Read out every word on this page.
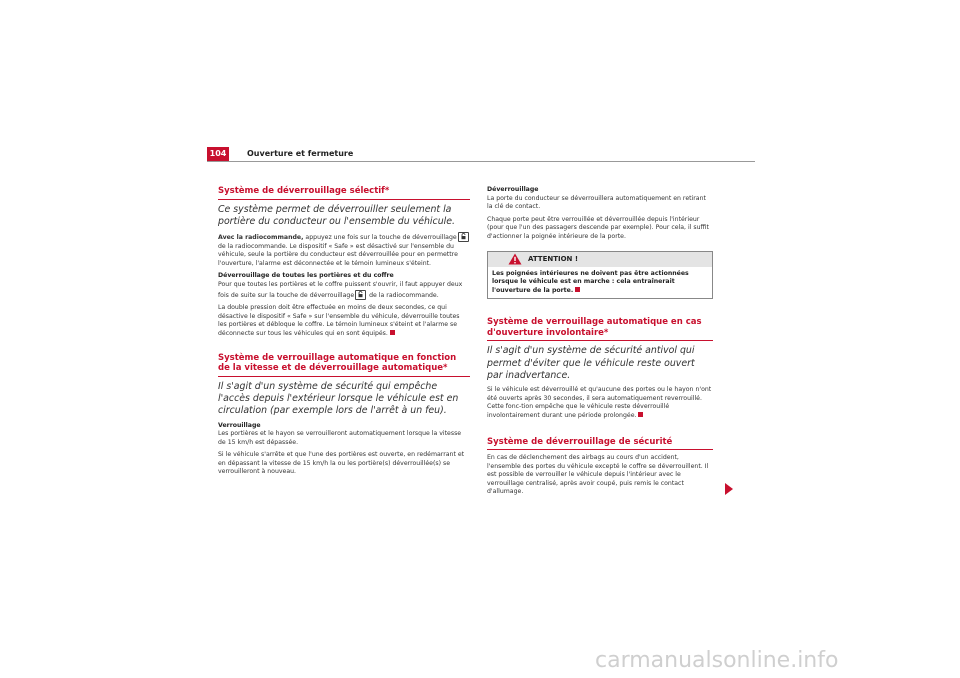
104	Ouverture et fermeture
Système de déverrouillage sélectif*

Ce système permet de déverrouiller seulement la portière du conducteur ou l'ensemble du véhicule.

Avec la radiocommande, appuyez une fois sur la touche de déverrouillage
de la radiocommande. Le dispositif « Safe » est désactivé sur l'ensemble du véhicule, seule la portière du conducteur est déverrouillée pour en permettre l'ouverture, l'alarme est déconnectée et le témoin lumineux s'éteint.

Déverrouillage de toutes les portières et du coffre

Pour que toutes les portières et le coffre puissent s'ouvrir, il faut appuyer deux fois de suite sur la touche de déverrouillage
de la radiocommande.

La double pression doit être effectuée en moins de deux secondes, ce qui désactive le dispositif « Safe » sur l'ensemble du véhicule, déverrouille toutes les portières et débloque le coffre. Le témoin lumineux s'éteint et l'alarme se déconnecte sur tous les véhicules qui en sont équipés.

Système de verrouillage automatique en fonction de la vitesse et de déverrouillage automatique*

Il s'agit d'un système de sécurité qui empêche l'accès depuis l'extérieur lorsque le véhicule est en circulation (par exemple lors de l'arrêt à un feu).

Verrouillage

Les portières et le hayon se verrouilleront automatiquement lorsque la vitesse de 15 km/h est dépassée.

Si le véhicule s'arrête et que l'une des portières est ouverte, en redémarrant et en dépassant la vitesse de 15 km/h la ou les portière(s) déverrouillée(s) se verrouilleront à nouveau.

Déverrouillage

La porte du conducteur se déverrouillera automatiquement en retirant la clé de contact.

Chaque porte peut être verrouillée et déverrouillée depuis l'intérieur (pour que l'un des passagers descende par exemple). Pour cela, il suffit d'actionner la poignée intérieure de la porte.

ATTENTION !

Les poignées intérieures ne doivent pas être actionnées lorsque le véhicule est en marche : cela entraînerait l'ouverture de la porte.

Système de verrouillage automatique en cas d'ouverture involontaire*

Il s'agit d'un système de sécurité antivol qui permet d'éviter que le véhicule reste ouvert par inadvertance.

Si le véhicule est déverrouillé et qu'aucune des portes ou le hayon n'ont été ouverts après 30 secondes, il sera automatiquement reverrouillé. Cette fonc-tion empêche que le véhicule reste déverrouillé involontairement durant une période prolongée.

Système de déverrouillage de sécurité

En cas de déclenchement des airbags au cours d'un accident, l'ensemble des portes du véhicule excepté le coffre se déverrouillent. Il est possible de verrouiller le véhicule depuis l'intérieur avec le verrouillage centralisé, après avoir coupé, puis remis le contact d'allumage.

carmanualsonline.info
